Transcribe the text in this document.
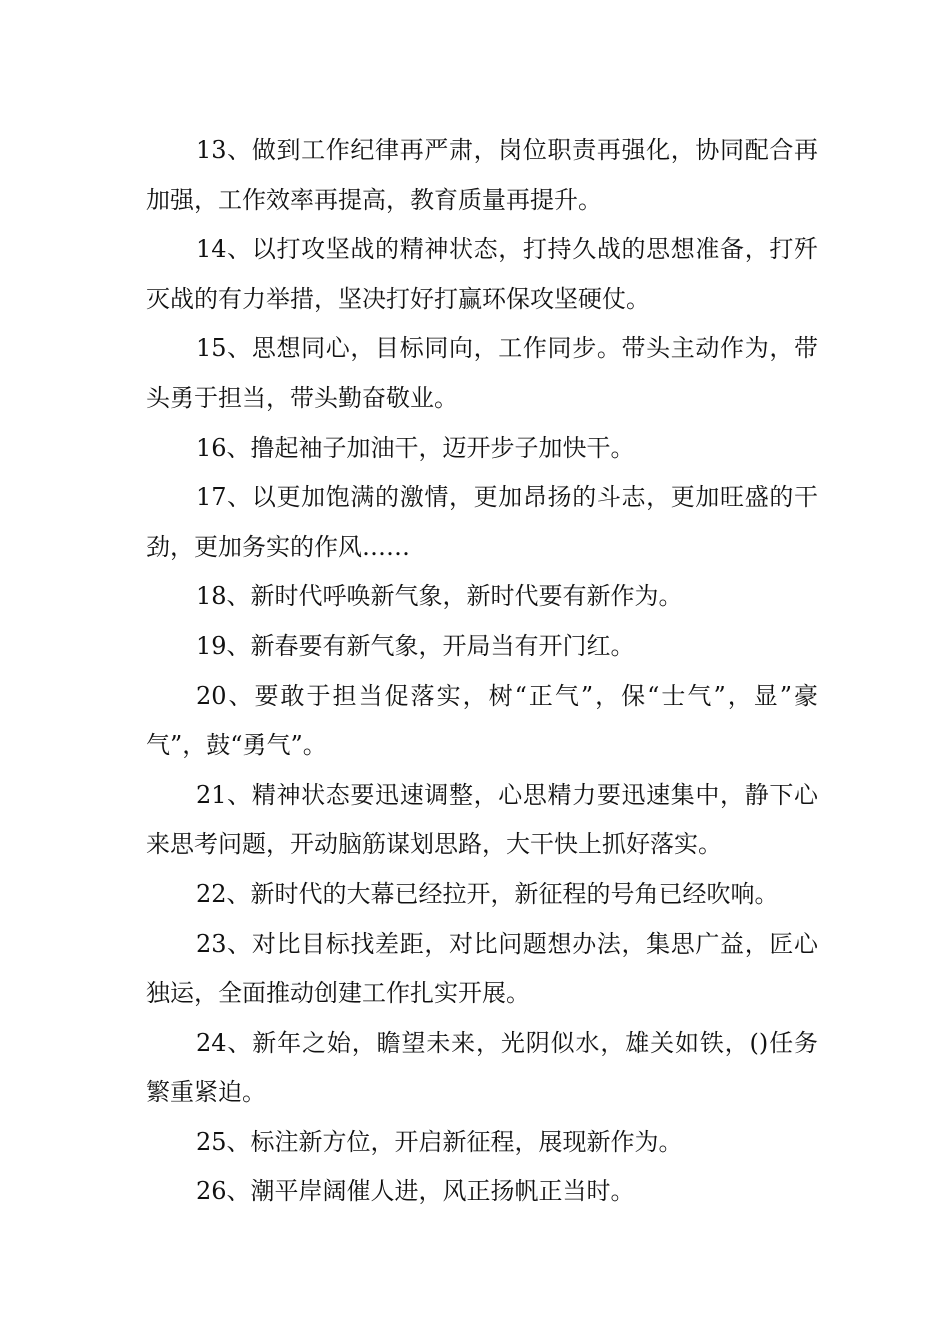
13、做到工作纪律再严肃，岗位职责再强化，协同配合再加强，工作效率再提高，教育质量再提升。

14、以打攻坚战的精神状态，打持久战的思想准备，打歼灭战的有力举措，坚决打好打赢环保攻坚硬仗。

15、思想同心，目标同向，工作同步。带头主动作为，带头勇于担当，带头勤奋敬业。

16、撸起袖子加油干，迈开步子加快干。

17、以更加饱满的激情，更加昂扬的斗志，更加旺盛的干劲，更加务实的作风……

18、新时代呼唤新气象，新时代要有新作为。

19、新春要有新气象，开局当有开门红。

20、要敢于担当促落实，树“正气”，保“士气”，显”豪气”，鼓“勇气”。

21、精神状态要迅速调整，心思精力要迅速集中，静下心来思考问题，开动脑筋谋划思路，大干快上抓好落实。

22、新时代的大幕已经拉开，新征程的号角已经吹响。

23、对比目标找差距，对比问题想办法，集思广益，匠心独运，全面推动创建工作扎实开展。

24、新年之始，瞻望未来，光阴似水，雄关如铁，()任务繁重紧迫。

25、标注新方位，开启新征程，展现新作为。

26、潮平岸阔催人进，风正扬帆正当时。
